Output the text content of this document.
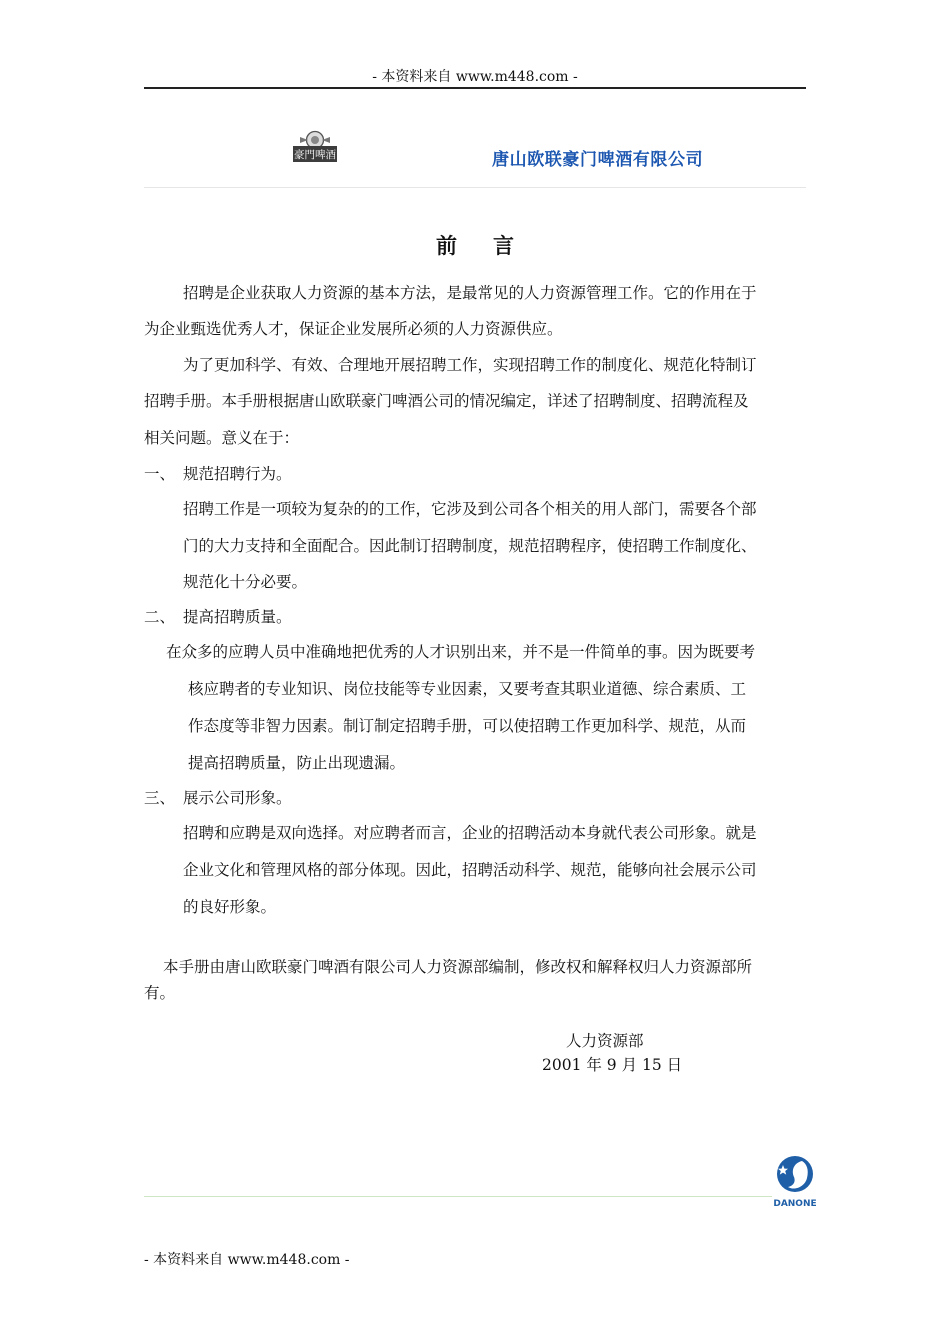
- 本资料来自 www.m448.com -
豪門啤酒	唐山欧联豪门啤酒有限公司
前言
招聘是企业获取人力资源的基本方法，是最常见的人力资源管理工作。它的作用在于
为企业甄选优秀人才，保证企业发展所必须的人力资源供应。
为了更加科学、有效、合理地开展招聘工作，实现招聘工作的制度化、规范化特制订
招聘手册。本手册根据唐山欧联豪门啤酒公司的情况编定，详述了招聘制度、招聘流程及
相关问题。意义在于：
一、 规范招聘行为。
招聘工作是一项较为复杂的的工作，它涉及到公司各个相关的用人部门，需要各个部
门的大力支持和全面配合。因此制订招聘制度，规范招聘程序，使招聘工作制度化、
规范化十分必要。
二、 提高招聘质量。
在众多的应聘人员中准确地把优秀的人才识别出来，并不是一件简单的事。因为既要考
核应聘者的专业知识、岗位技能等专业因素，又要考查其职业道德、综合素质、工
作态度等非智力因素。制订制定招聘手册，可以使招聘工作更加科学、规范，从而
提高招聘质量，防止出现遗漏。
三、 展示公司形象。
招聘和应聘是双向选择。对应聘者而言，企业的招聘活动本身就代表公司形象。就是
企业文化和管理风格的部分体现。因此，招聘活动科学、规范，能够向社会展示公司
的良好形象。
本手册由唐山欧联豪门啤酒有限公司人力资源部编制，修改权和解释权归人力资源部所
有。
人力资源部
2001 年 9 月 15 日
DANONE
- 本资料来自 www.m448.com -
